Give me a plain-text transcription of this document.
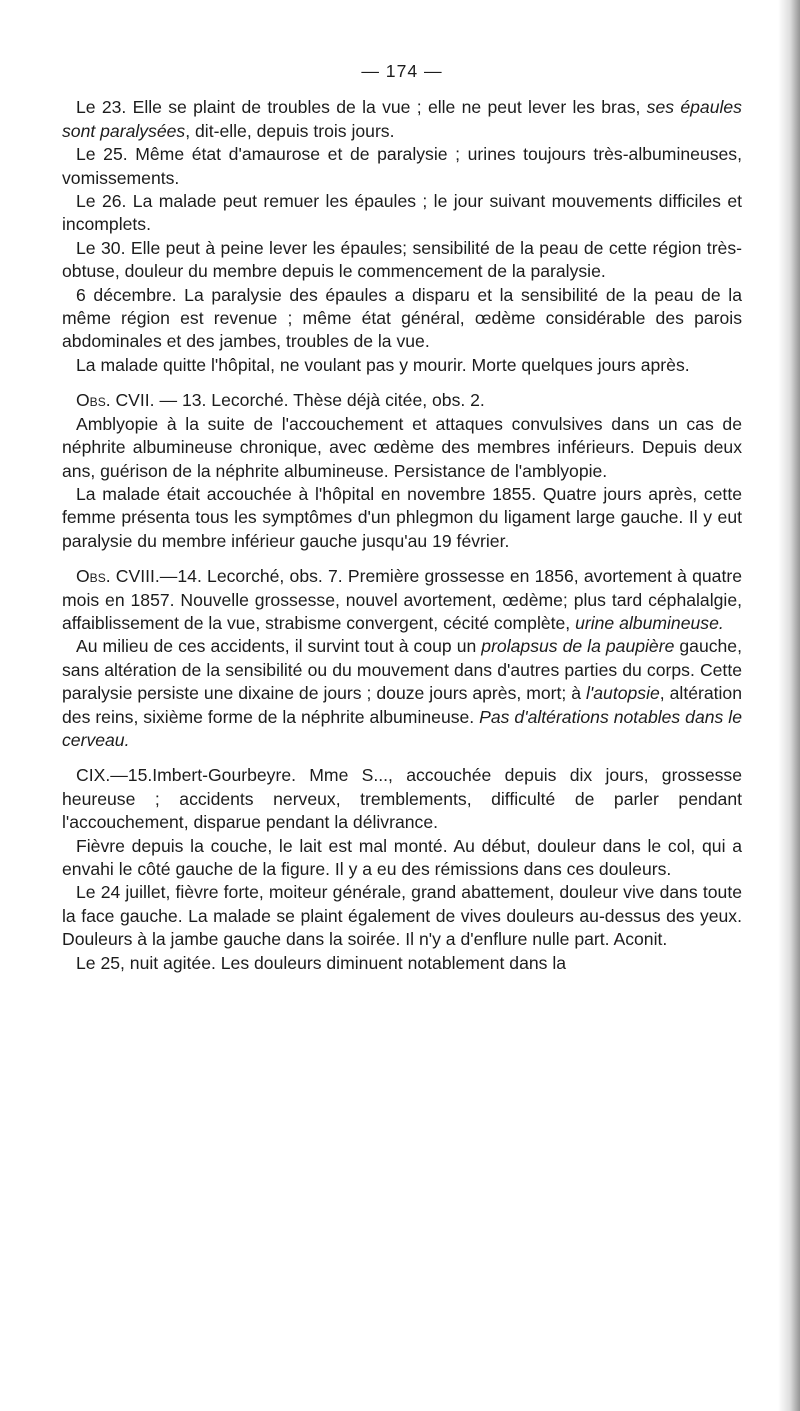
— 174 —

Le 23. Elle se plaint de troubles de la vue ; elle ne peut lever les bras, ses épaules sont paralysées, dit-elle, depuis trois jours.

Le 25. Même état d'amaurose et de paralysie ; urines toujours très-albumineuses, vomissements.

Le 26. La malade peut remuer les épaules ; le jour suivant mouvements difficiles et incomplets.

Le 30. Elle peut à peine lever les épaules; sensibilité de la peau de cette région très-obtuse, douleur du membre depuis le commencement de la paralysie.

6 décembre. La paralysie des épaules a disparu et la sensibilité de la peau de la même région est revenue ; même état général, œdème considérable des parois abdominales et des jambes, troubles de la vue.

La malade quitte l'hôpital, ne voulant pas y mourir. Morte quelques jours après.

Obs. CVII. — 13. Lecorché. Thèse déjà citée, obs. 2.

Amblyopie à la suite de l'accouchement et attaques convulsives dans un cas de néphrite albumineuse chronique, avec œdème des membres inférieurs. Depuis deux ans, guérison de la néphrite albumineuse. Persistance de l'amblyopie.

La malade était accouchée à l'hôpital en novembre 1855. Quatre jours après, cette femme présenta tous les symptômes d'un phlegmon du ligament large gauche. Il y eut paralysie du membre inférieur gauche jusqu'au 19 février.

Obs. CVIII.—14. Lecorché, obs. 7. Première grossesse en 1856, avortement à quatre mois en 1857. Nouvelle grossesse, nouvel avortement, œdème; plus tard céphalalgie, affaiblissement de la vue, strabisme convergent, cécité complète, urine albumineuse.

Au milieu de ces accidents, il survint tout à coup un prolapsus de la paupière gauche, sans altération de la sensibilité ou du mouvement dans d'autres parties du corps. Cette paralysie persiste une dixaine de jours ; douze jours après, mort; à l'autopsie, altération des reins, sixième forme de la néphrite albumineuse. Pas d'altérations notables dans le cerveau.

CIX.—15.Imbert-Gourbeyre. Mme S..., accouchée depuis dix jours, grossesse heureuse ; accidents nerveux, tremblements, difficulté de parler pendant l'accouchement, disparue pendant la délivrance.

Fièvre depuis la couche, le lait est mal monté. Au début, douleur dans le col, qui a envahi le côté gauche de la figure. Il y a eu des rémissions dans ces douleurs.

Le 24 juillet, fièvre forte, moiteur générale, grand abattement, douleur vive dans toute la face gauche. La malade se plaint également de vives douleurs au-dessus des yeux. Douleurs à la jambe gauche dans la soirée. Il n'y a d'enflure nulle part. Aconit.

Le 25, nuit agitée. Les douleurs diminuent notablement dans la
